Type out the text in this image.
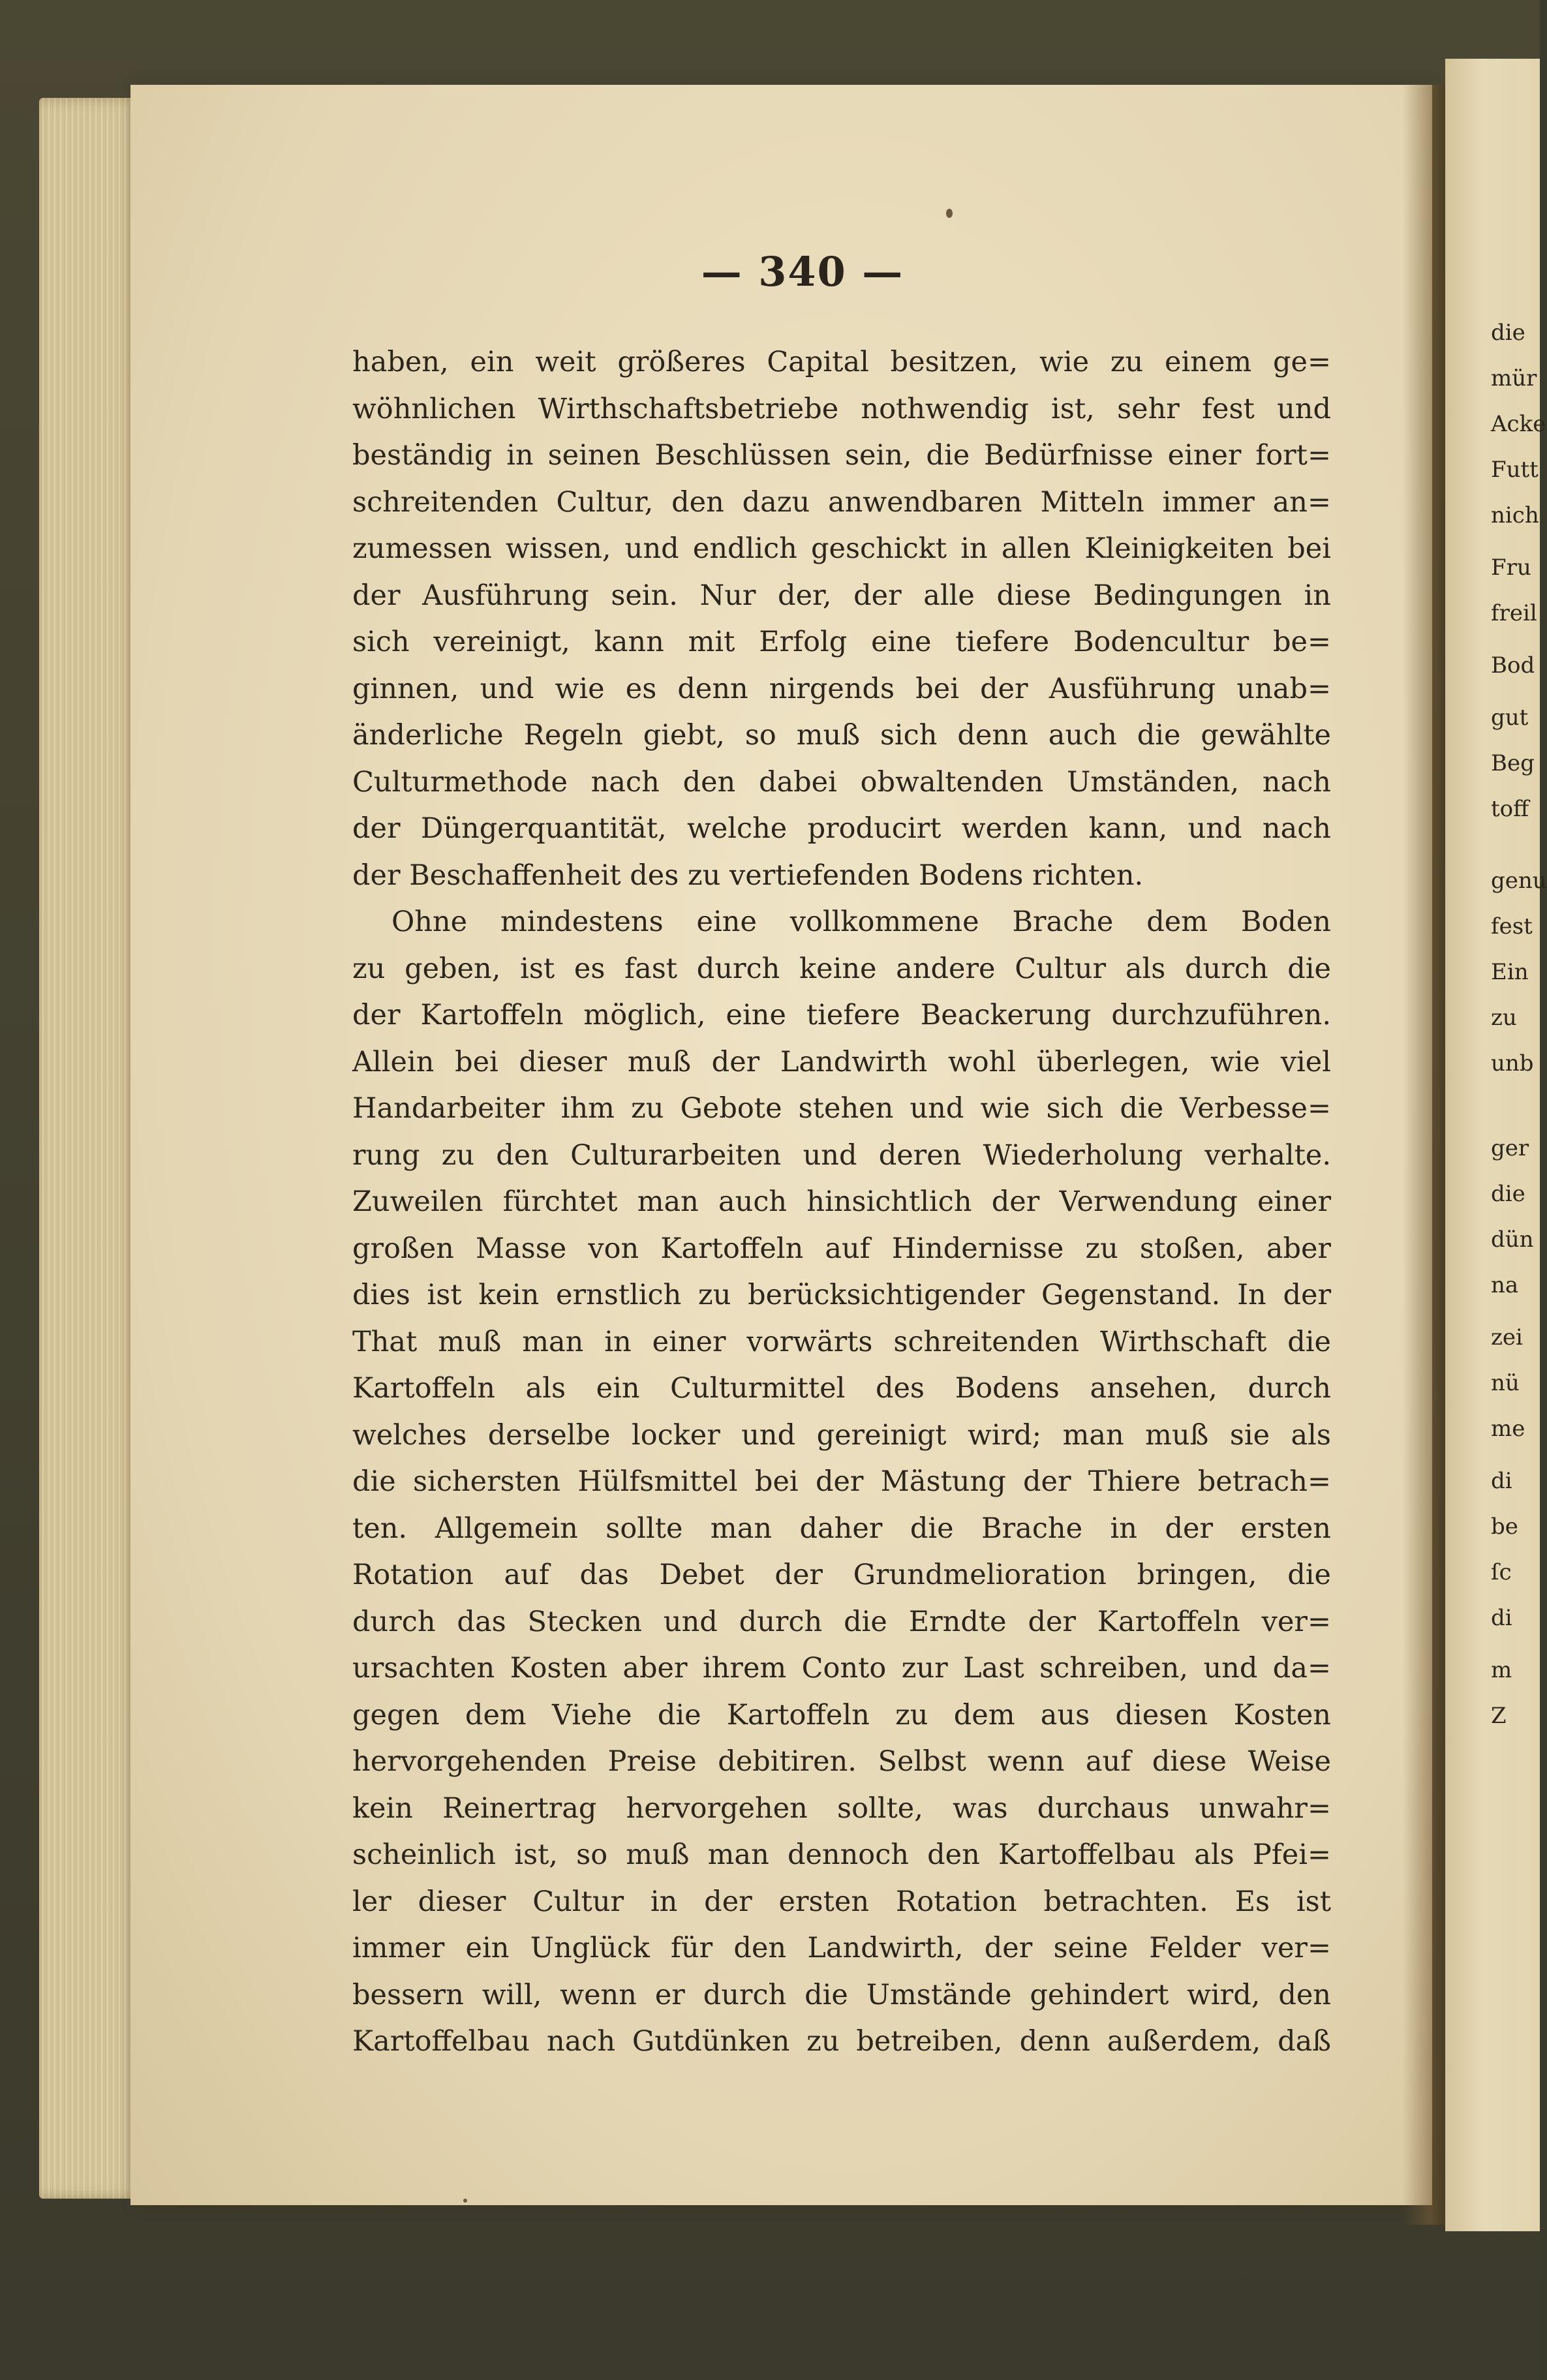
— 340 —
haben, ein weit größeres Capital besitzen, wie zu einem ge=
wöhnlichen Wirthschaftsbetriebe nothwendig ist, sehr fest und
beständig in seinen Beschlüssen sein, die Bedürfnisse einer fort=
schreitenden Cultur, den dazu anwendbaren Mitteln immer an=
zumessen wissen, und endlich geschickt in allen Kleinigkeiten bei
der Ausführung sein. Nur der, der alle diese Bedingungen in
sich vereinigt, kann mit Erfolg eine tiefere Bodencultur be=
ginnen, und wie es denn nirgends bei der Ausführung unab=
änderliche Regeln giebt, so muß sich denn auch die gewählte
Culturmethode nach den dabei obwaltenden Umständen, nach
der Düngerquantität, welche producirt werden kann, und nach
der Beschaffenheit des zu vertiefenden Bodens richten.
Ohne mindestens eine vollkommene Brache dem Boden
zu geben, ist es fast durch keine andere Cultur als durch die
der Kartoffeln möglich, eine tiefere Beackerung durchzuführen.
Allein bei dieser muß der Landwirth wohl überlegen, wie viel
Handarbeiter ihm zu Gebote stehen und wie sich die Verbesse=
rung zu den Culturarbeiten und deren Wiederholung verhalte.
Zuweilen fürchtet man auch hinsichtlich der Verwendung einer
großen Masse von Kartoffeln auf Hindernisse zu stoßen, aber
dies ist kein ernstlich zu berücksichtigender Gegenstand. In der
That muß man in einer vorwärts schreitenden Wirthschaft die
Kartoffeln als ein Culturmittel des Bodens ansehen, durch
welches derselbe locker und gereinigt wird; man muß sie als
die sichersten Hülfsmittel bei der Mästung der Thiere betrach=
ten. Allgemein sollte man daher die Brache in der ersten
Rotation auf das Debet der Grundmelioration bringen, die
durch das Stecken und durch die Erndte der Kartoffeln ver=
ursachten Kosten aber ihrem Conto zur Last schreiben, und da=
gegen dem Viehe die Kartoffeln zu dem aus diesen Kosten
hervorgehenden Preise debitiren. Selbst wenn auf diese Weise
kein Reinertrag hervorgehen sollte, was durchaus unwahr=
scheinlich ist, so muß man dennoch den Kartoffelbau als Pfei=
ler dieser Cultur in der ersten Rotation betrachten. Es ist
immer ein Unglück für den Landwirth, der seine Felder ver=
bessern will, wenn er durch die Umstände gehindert wird, den
Kartoffelbau nach Gutdünken zu betreiben, denn außerdem, daß
die
mür
Acke
Futt
nich
Fru
freil
Bod
gut
Beg
toff
genu
fest
Ein
zu
unb
ger
die
dün
na
zei
nü
me
di
be
ſc
di
m
Z
